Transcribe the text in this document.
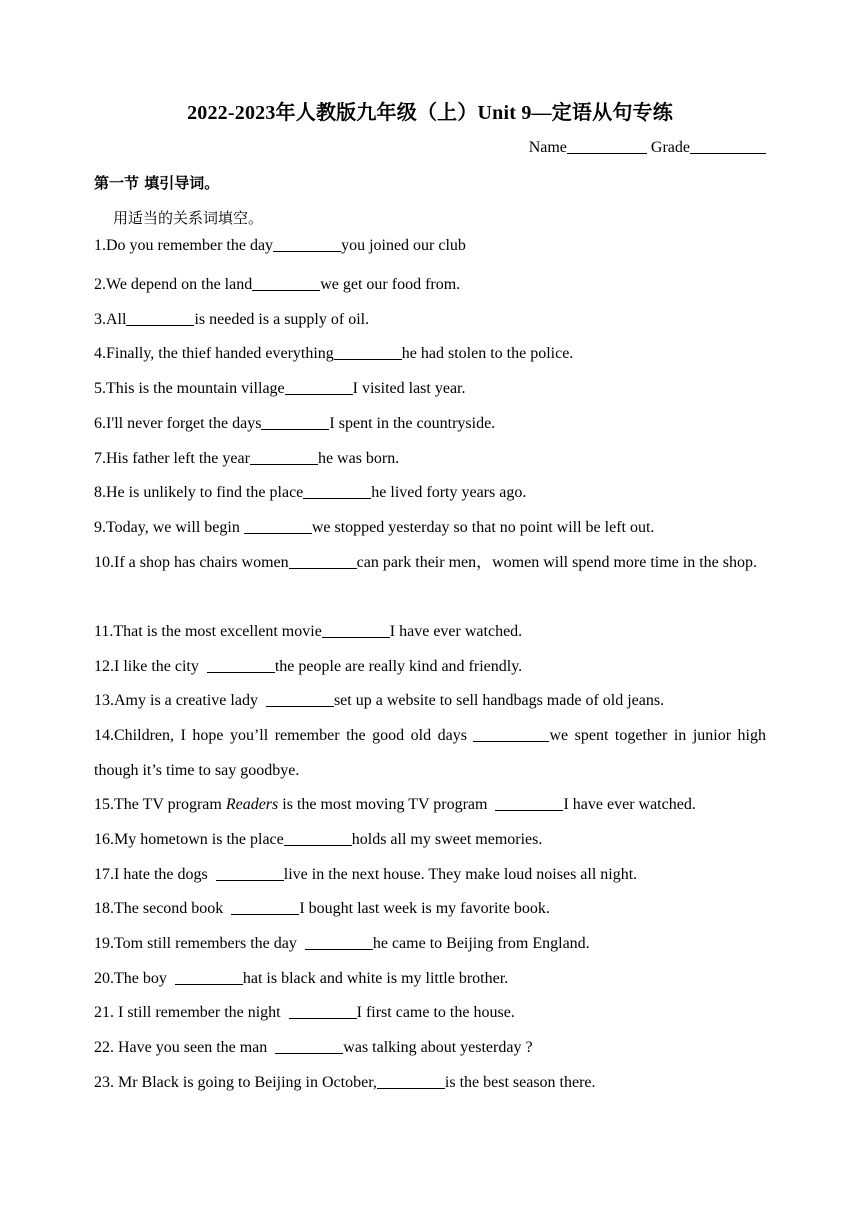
2022-2023年人教版九年级（上）Unit 9—定语从句专练
Name	Grade
第一节 填引导词。
用适当的关系词填空。
1.Do you remember the day	you joined our club
2.We depend on the land	we get our food from.
3.All	is needed is a supply of oil.
4.Finally, the thief handed everything	he had stolen to the police.
5.This is the mountain village	I visited last year.
6.I'll never forget the days	I spent in the countryside.
7.His father left the year	he was born.
8.He is unlikely to find the place	he lived forty years ago.
9.Today, we will begin	we stopped yesterday so that no point will be left out.
10.If a shop has chairs women	can park their men，women will spend more time in the shop.
11.That is the most excellent movie	I have ever watched.
12.I like the city	the people are really kind and friendly.
13.Amy is a creative lady	set up a website to sell handbags made of old jeans.
14.Children, I hope you’ll remember the good old days	we spent together in junior high though it’s time to say goodbye.
15.The TV program Readers is the most moving TV program	I have ever watched.
16.My hometown is the place	holds all my sweet memories.
17.I hate the dogs	live in the next house. They make loud noises all night.
18.The second book	I bought last week is my favorite book.
19.Tom still remembers the day	he came to Beijing from England.
20.The boy	hat is black and white is my little brother.
21. I still remember the night	I first came to the house.
22. Have you seen the man	was talking about yesterday ?
23. Mr Black is going to Beijing in October,	is the best season there.
